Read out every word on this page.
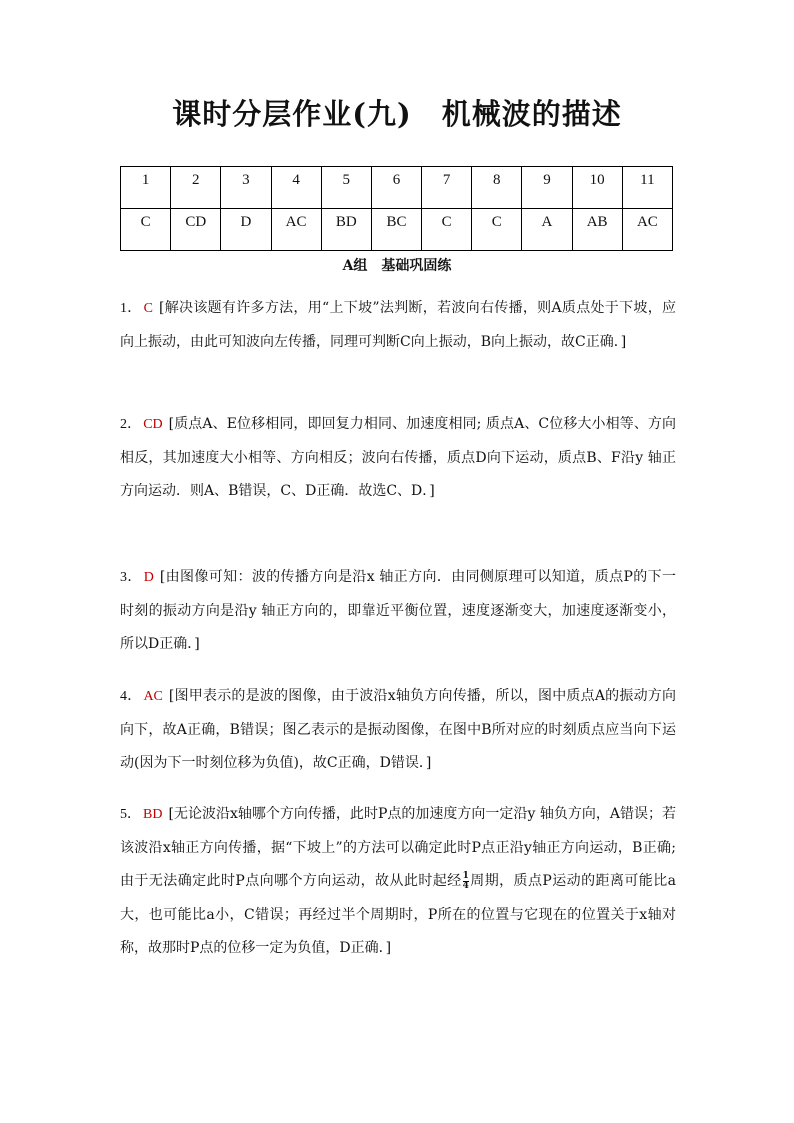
课时分层作业(九)　机械波的描述
1	2	3	4	5	6	7	8	9	10	11
C	CD	D	AC	BD	BC	C	C	A	AB	AC
A组　基础巩固练
1． C [解决该题有许多方法，用“上下坡”法判断，若波向右传播，则A质点处于下坡，应向上振动，由此可知波向左传播，同理可判断C向上振动，B向上振动，故C正确．]
2． CD [质点A、E位移相同，即回复力相同、加速度相同; 质点A、C位移大小相等、方向相反，其加速度大小相等、方向相反；波向右传播，质点D向下运动，质点B、F沿y 轴正方向运动．则A、B错误，C、D正确．故选C、D．]
3． D [由图像可知：波的传播方向是沿x 轴正方向．由同侧原理可以知道，质点P的下一时刻的振动方向是沿y 轴正方向的，即靠近平衡位置，速度逐渐变大，加速度逐渐变小，所以D正确．]
4． AC [图甲表示的是波的图像，由于波沿x轴负方向传播，所以，图中质点A的振动方向向下，故A正确，B错误；图乙表示的是振动图像，在图中B所对应的时刻质点应当向下运动(因为下一时刻位移为负值)，故C正确，D错误．]
5． BD [无论波沿x轴哪个方向传播，此时P点的加速度方向一定沿y 轴负方向，A错误；若该波沿x轴正方向传播，据“下坡上”的方法可以确定此时P点正沿y轴正方向运动，B正确; 由于无法确定此时P点向哪个方向运动，故从此时起经 $\frac{1}{4}$ 周期，质点P运动的距离可能比a大，也可能比a小，C错误；再经过半个周期时，P所在的位置与它现在的位置关于x轴对称，故那时P点的位移一定为负值，D正确．]
